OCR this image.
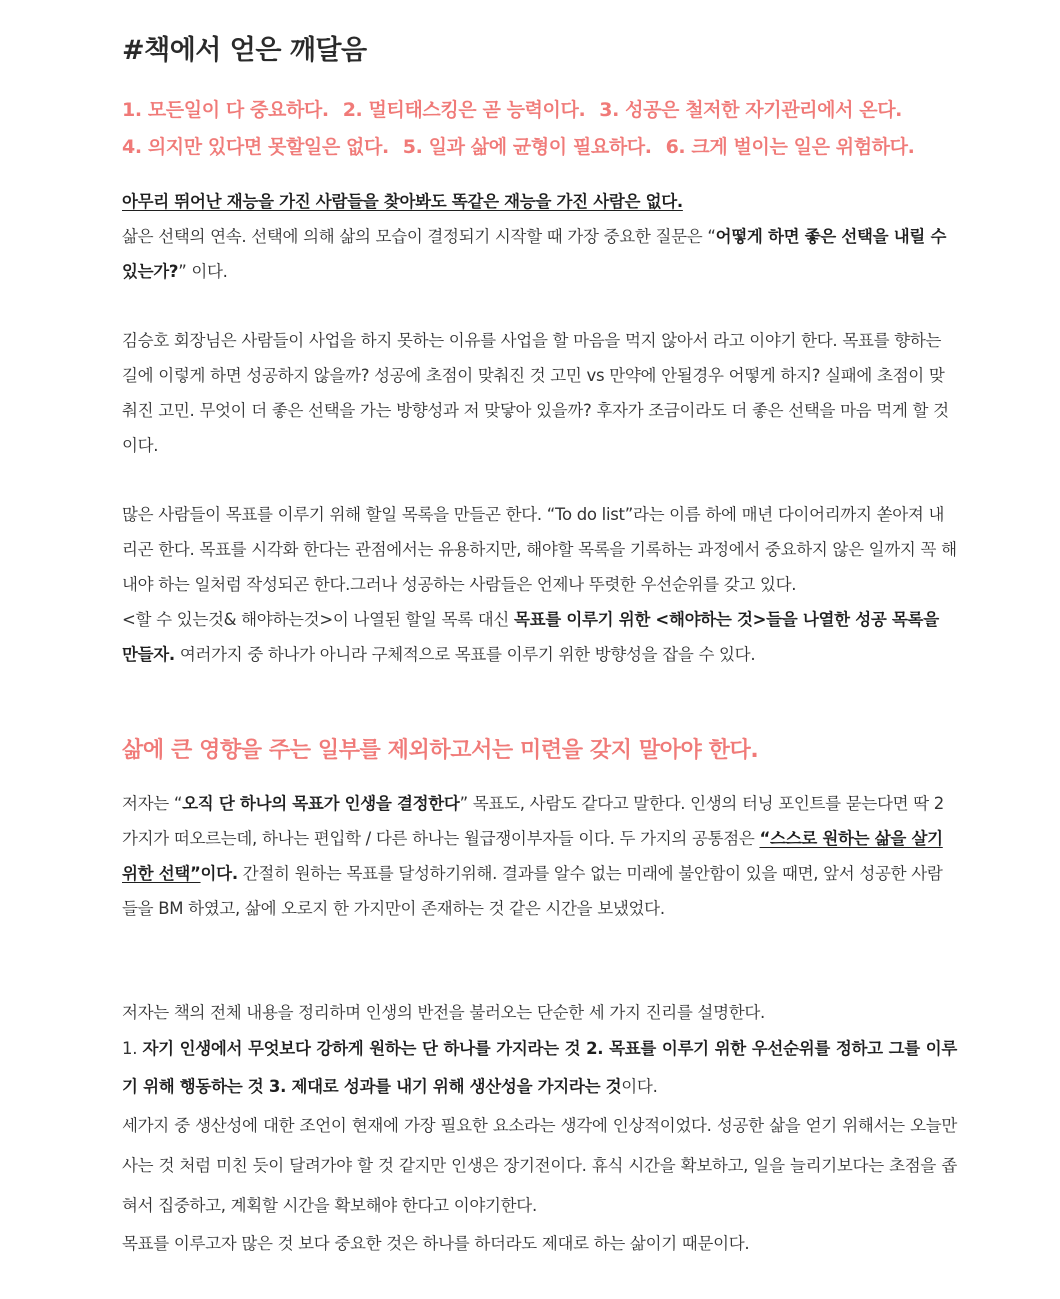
#책에서 얻은 깨달음
1. 모든일이 다 중요하다. 2. 멀티태스킹은 곧 능력이다. 3. 성공은 철저한 자기관리에서 온다.
4. 의지만 있다면 못할일은 없다. 5. 일과 삶에 균형이 필요하다. 6. 크게 벌이는 일은 위험하다.

아무리 뛰어난 재능을 가진 사람들을 찾아봐도 똑같은 재능을 가진 사람은 없다.

삶은 선택의 연속. 선택에 의해 삶의 모습이 결정되기 시작할 때 가장 중요한 질문은 “어떻게 하면 좋은 선택을 내릴 수 있는가?” 이다.

김승호 회장님은 사람들이 사업을 하지 못하는 이유를 사업을 할 마음을 먹지 않아서 라고 이야기 한다. 목표를 향하는 길에 이렇게 하면 성공하지 않을까? 성공에 초점이 맞춰진 것 고민 vs 만약에 안될경우 어떻게 하지? 실패에 초점이 맞춰진 고민. 무엇이 더 좋은 선택을 가는 방향성과 저 맞닿아 있을까? 후자가 조금이라도 더 좋은 선택을 마음 먹게 할 것이다.

많은 사람들이 목표를 이루기 위해 할일 목록을 만들곤 한다. “To do list”라는 이름 하에 매년 다이어리까지 쏟아져 내리곤 한다. 목표를 시각화 한다는 관점에서는 유용하지만, 해야할 목록을 기록하는 과정에서 중요하지 않은 일까지 꼭 해내야 하는 일처럼 작성되곤 한다.그러나 성공하는 사람들은 언제나 뚜렷한 우선순위를 갖고 있다.

<할 수 있는것& 해야하는것>이 나열된 할일 목록 대신 목표를 이루기 위한 <해야하는 것>들을 나열한 성공 목록을 만들자. 여러가지 중 하나가 아니라 구체적으로 목표를 이루기 위한 방향성을 잡을 수 있다.

삶에 큰 영향을 주는 일부를 제외하고서는 미련을 갖지 말아야 한다.

저자는 “오직 단 하나의 목표가 인생을 결정한다” 목표도, 사람도 같다고 말한다. 인생의 터닝 포인트를 묻는다면 딱 2가지가 떠오르는데, 하나는 편입학 / 다른 하나는 월급쟁이부자들 이다. 두 가지의 공통점은 “스스로 원하는 삶을 살기 위한 선택”이다. 간절히 원하는 목표를 달성하기위해. 결과를 알수 없는 미래에 불안함이 있을 때면, 앞서 성공한 사람들을 BM 하였고, 삶에 오로지 한 가지만이 존재하는 것 같은 시간을 보냈었다.

저자는 책의 전체 내용을 정리하며 인생의 반전을 불러오는 단순한 세 가지 진리를 설명한다.

1. 자기 인생에서 무엇보다 강하게 원하는 단 하나를 가지라는 것 2. 목표를 이루기 위한 우선순위를 정하고 그를 이루기 위해 행동하는 것 3. 제대로 성과를 내기 위해 생산성을 가지라는 것이다.

세가지 중 생산성에 대한 조언이 현재에 가장 필요한 요소라는 생각에 인상적이었다. 성공한 삶을 얻기 위해서는 오늘만 사는 것 처럼 미친 듯이 달려가야 할 것 같지만 인생은 장기전이다. 휴식 시간을 확보하고, 일을 늘리기보다는 초점을 좁혀서 집중하고, 계획할 시간을 확보해야 한다고 이야기한다.

목표를 이루고자 많은 것 보다 중요한 것은 하나를 하더라도 제대로 하는 삶이기 때문이다.
